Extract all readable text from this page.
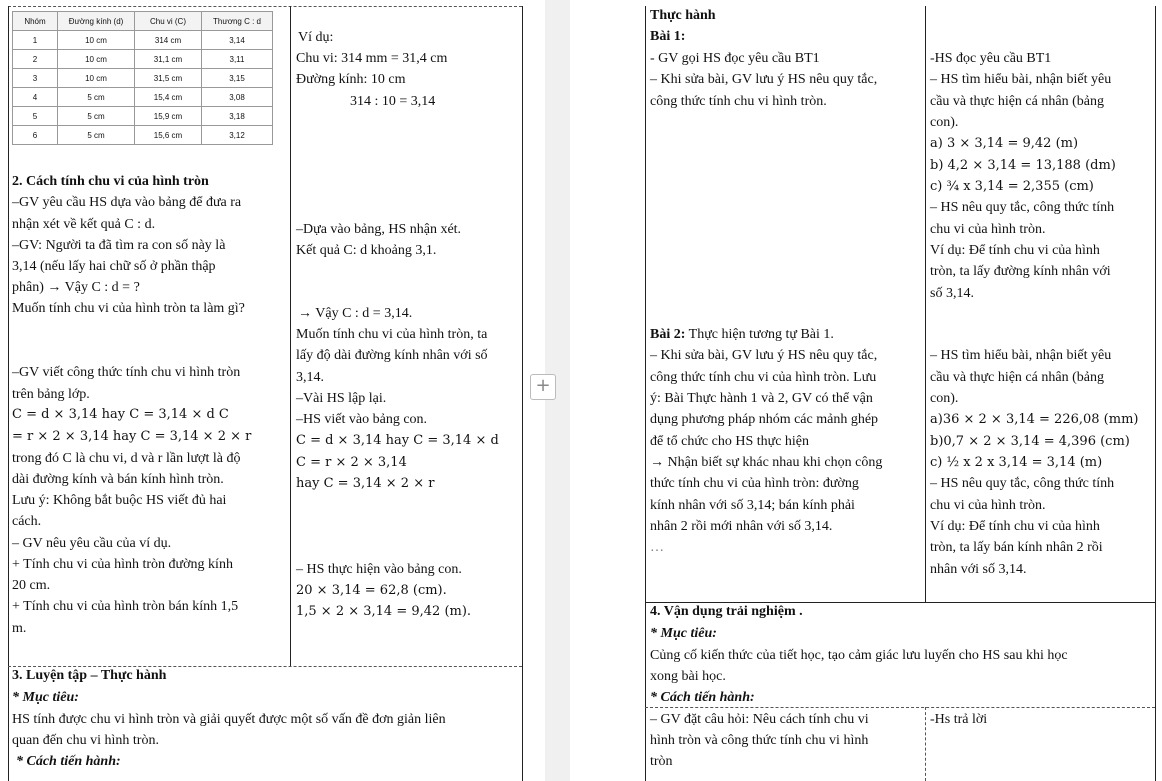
Nhóm	Đường kính (d)	Chu vi (C)	Thương C : d
1	10 cm	314 cm	3,14
2	10 cm	31,1 cm	3,11
3	10 cm	31,5 cm	3,15
4	5 cm	15,4 cm	3,08
5	5 cm	15,9 cm	3,18
6	5 cm	15,6 cm	3,12
Ví dụ:
Chu vi: 314 mm = 31,4 cm
Đường kính: 10 cm
314 : 10 = 3,14
2. Cách tính chu vi của hình tròn
–GV yêu cầu HS dựa vào bảng để đưa ra
nhận xét về kết quả C : d.	–Dựa vào bảng, HS nhận xét.
–GV: Người ta đã tìm ra con số này là	Kết quả C: d khoảng 3,1.
3,14 (nếu lấy hai chữ số ở phần thập
phân) → Vậy C : d = ?
Muốn tính chu vi của hình tròn ta làm gì?	→ Vậy C : d = 3,14.
Muốn tính chu vi của hình tròn, ta
lấy độ dài đường kính nhân với số
–GV viết công thức tính chu vi hình tròn	3,14.
trên bảng lớp.	–Vài HS lập lại.
C = d × 3,14 hay C = 3,14 × d C	–HS viết vào bảng con.
= r × 2 × 3,14 hay C = 3,14 × 2 × r	C = d × 3,14 hay C = 3,14 × d
trong đó C là chu vi, d và r lần lượt là độ	C = r × 2 × 3,14
dài đường kính và bán kính hình tròn.	hay C = 3,14 × 2 × r
Lưu ý: Không bắt buộc HS viết đủ hai
cách.
– GV nêu yêu cầu của ví dụ.
+ Tính chu vi của hình tròn đường kính	– HS thực hiện vào bảng con.
20 cm.	20 × 3,14 = 62,8 (cm).
+ Tính chu vi của hình tròn bán kính 1,5	1,5 × 2 × 3,14 = 9,42 (m).
m.
3. Luyện tập – Thực hành
* Mục tiêu:
HS tính được chu vi hình tròn và giải quyết được một số vấn đề đơn giản liên
quan đến chu vi hình tròn.
* Cách tiến hành:
+
Thực hành
Bài 1:
- GV gọi HS đọc yêu cầu BT1	-HS đọc yêu cầu BT1
– Khi sửa bài, GV lưu ý HS nêu quy tắc,	– HS tìm hiểu bài, nhận biết yêu
công thức tính chu vi hình tròn.	cầu và thực hiện cá nhân (bảng
con).
a) 3 × 3,14 = 9,42 (m)
b) 4,2 × 3,14 = 13,188 (dm)
c) ¾ x 3,14 = 2,355 (cm)
– HS nêu quy tắc, công thức tính
chu vi của hình tròn.
Ví dụ: Để tính chu vi của hình
tròn, ta lấy đường kính nhân với
số 3,14.
Bài 2: Thực hiện tương tự Bài 1.
– Khi sửa bài, GV lưu ý HS nêu quy tắc,	– HS tìm hiểu bài, nhận biết yêu
công thức tính chu vi của hình tròn. Lưu	cầu và thực hiện cá nhân (bảng
ý: Bài Thực hành 1 và 2, GV có thể vận	con).
dụng phương pháp nhóm các mảnh ghép	a)36 × 2 × 3,14 = 226,08 (mm)
để tổ chức cho HS thực hiện	b)0,7 × 2 × 3,14 = 4,396 (cm)
→ Nhận biết sự khác nhau khi chọn công	c) ½ x 2 x 3,14 = 3,14 (m)
thức tính chu vi của hình tròn: đường	– HS nêu quy tắc, công thức tính
kính nhân với số 3,14; bán kính phải	chu vi của hình tròn.
nhân 2 rồi mới nhân với số 3,14.	Ví dụ: Để tính chu vi của hình
…	tròn, ta lấy bán kính nhân 2 rồi
nhân với số 3,14.
4. Vận dụng trải nghiệm .
* Mục tiêu:
Củng cố kiến thức của tiết học, tạo cảm giác lưu luyến cho HS sau khi học
xong bài học.
* Cách tiến hành:
– GV đặt câu hỏi: Nêu cách tính chu vi	-Hs trả lời
hình tròn và công thức tính chu vi hình
tròn
